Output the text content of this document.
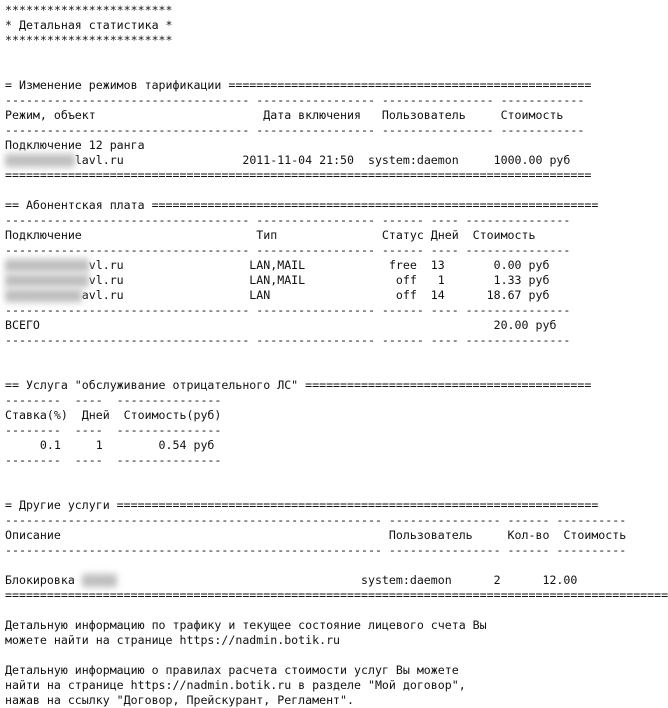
************************
* Детальная статистика *
************************
= Изменение режимов тарификации ====================================================
----------------------------------- ----------------- ---------------- ------------
Режим, объект                        Дата включения   Пользователь     Стоимость
----------------------------------- ----------------- ---------------- ------------
Подключение 12 ранга
xxxxxxxxxxlavl.ru                 2011-11-04 21:50  system:daemon     1000.00 руб
====================================================================================
== Абонентская плата ================================================================
----------------------------------- ----------------- ------ ---- ---------------
Подключение                         Тип               Статус Дней  Стоимость
----------------------------------- ----------------- ------ ---- ---------------
xxxxxxxxxxxxvl.ru                  LAN,MAIL            free  13       0.00 руб
xxxxxxxxxxxxvl.ru                  LAN,MAIL             off   1       1.33 руб
xxxxxxxxxxxavl.ru                  LAN                  off  14      18.67 руб
----------------------------------- ----------------- ------ ---- ---------------
ВСЕГО                                                                 20.00 руб
----------------------------------- ----------------- ------ ---- ---------------
== Услуга "обслуживание отрицательного ЛС" =========================================
--------  ----  ---------------
Ставка(%)  Дней  Стоимость(руб)
--------  ----  ---------------
0.1     1        0.54 руб
--------  ----  ---------------
= Другие услуги =====================================================================
------------------------------------------------------ ---------------- ------ ----------
Описание                                               Пользователь     Кол-во  Стоимость
------------------------------------------------------ ---------------- ------ ----------
Блокировка xxxxx                                   system:daemon      2      12.00
===============================================================================================
Детальную информацию по трафику и текущее состояние лицевого счета Вы
можете найти на странице https://nadmin.botik.ru
Детальную информацию о правилах расчета стоимости услуг Вы можете
найти на странице https://nadmin.botik.ru в разделе "Мой договор",
нажав на ссылку "Договор, Прейскурант, Регламент".
